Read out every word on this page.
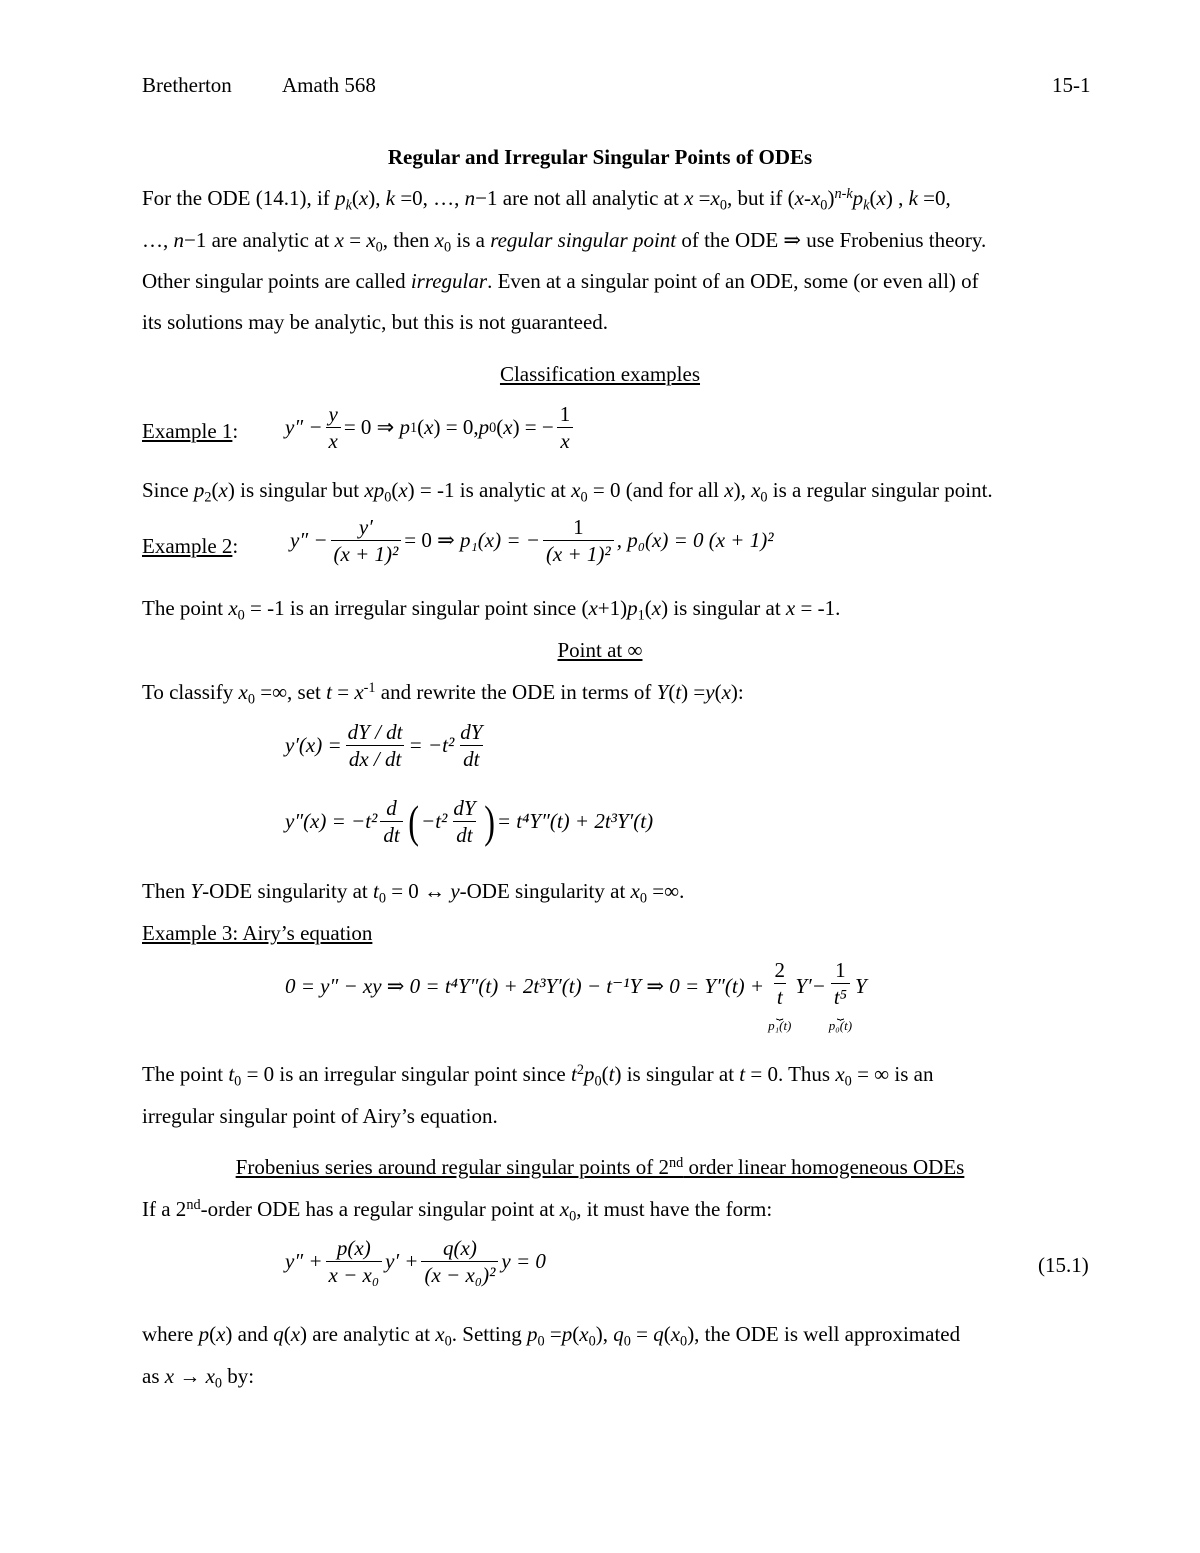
Bretherton Amath 568	15-1
Regular and Irregular Singular Points of ODEs
For the ODE (14.1), if $p_k(x)$, k =0, …, n−1 are not all analytic at $x =x_0$, but if $(x-x_0)^{n-k}p_k(x)$ , k =0,
…, n−1 are analytic at $x = x_0$, then $x_0$ is a regular singular point of the ODE ⇒ use Frobenius theory.
Other singular points are called irregular. Even at a singular point of an ODE, some (or even all) of
its solutions may be analytic, but this is not guaranteed.
Classification examples
Example 1: $y'' - \frac{y}{x} = 0$ ⇒
p 1 ( x ) = 0, p 0 ( x ) = − $\frac{1}{x}$
Since $p_2(x)$ is singular but $xp_0(x) = -1$ is analytic at $x_0 = 0$ (and for all x), $x_0$ is a regular singular point.
Example 2: $y'' - \frac{y'}{\text{(x + 1)²}} = 0$ ⇒
p₁(x) = − $\frac{1}{\text{(x + 1)²}}$ , p₀(x) = 0 (x + 1)²
The point $x_0 = -1$ is an irregular singular point since $(x+1)p_1(x)$ is singular at x = -1.
Point at ∞
To classify $x_0$ =∞, set $t = x^{-1}$ and rewrite the ODE in terms of Y(t) =y(x):
$y'(x) = \frac{dY / dt}{dx / dt} = -t^2 \frac{dY}{dt}$
$y''(x) = -t^2 \frac{d}{dt}$ ( $-t^2 \frac{dY}{dt}$ ) = t⁴Y″(t) + 2t³Y′(t)
Then Y-ODE singularity at $t_0 = 0$ ↔ y-ODE singularity at $x_0$ =∞.
Example 3: Airy’s equation
0 = y″ − xy ⇒ 0 = t⁴Y″(t) + 2t³Y′(t) − t⁻¹Y ⇒ $0 = Y''(t) + \frac{2}{t}$
⏟
p₁(t)
$Y'- \frac{1}{\text{t⁵}}$
⏟
p₀(t)
Y
The point $t_0 = 0$ is an irregular singular point since $t^2p_0(t)$ is singular at t = 0. Thus $x_0$ = ∞ is an
irregular singular point of Airy’s equation.
Frobenius series around regular singular points of 2nd order linear homogeneous ODEs
If a 2nd-order ODE has a regular singular point at $x_0$, it must have the form:
$y'' + \frac{p(x)}{\text{x − x₀}} y' + \frac{q(x)}{\text{(x − x₀)²}}$ y = 0	(15.1)
where p(x) and q(x) are analytic at $x_0$. Setting $p_0 =p(x_0)$, $q_0 = q(x_0)$, the ODE is well approximated
as $x \to x_0$ by:
